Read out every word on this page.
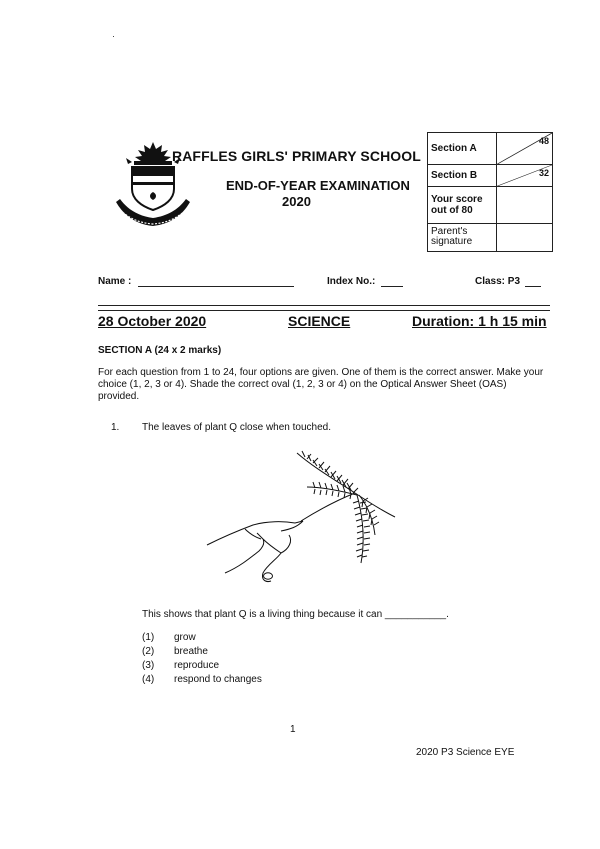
RAFFLES GIRLS' PRIMARY SCHOOL
END-OF-YEAR EXAMINATION
2020
Section A	48

Section B	32

Your score out of 80	
Parent's signature	
Name :	Index No.:	Class: P3
28 October 2020	SCIENCE	Duration: 1 h 15 min
SECTION A (24 x 2 marks)
For each question from 1 to 24, four options are given. One of them is the correct answer. Make your choice (1, 2, 3 or 4). Shade the correct oval (1, 2, 3 or 4) on the Optical Answer Sheet (OAS) provided.
1. The leaves of plant Q close when touched.
This shows that plant Q is a living thing because it can ___________.
(1) grow
(2) breathe
(3) reproduce
(4) respond to changes
1
2020 P3 Science EYE
